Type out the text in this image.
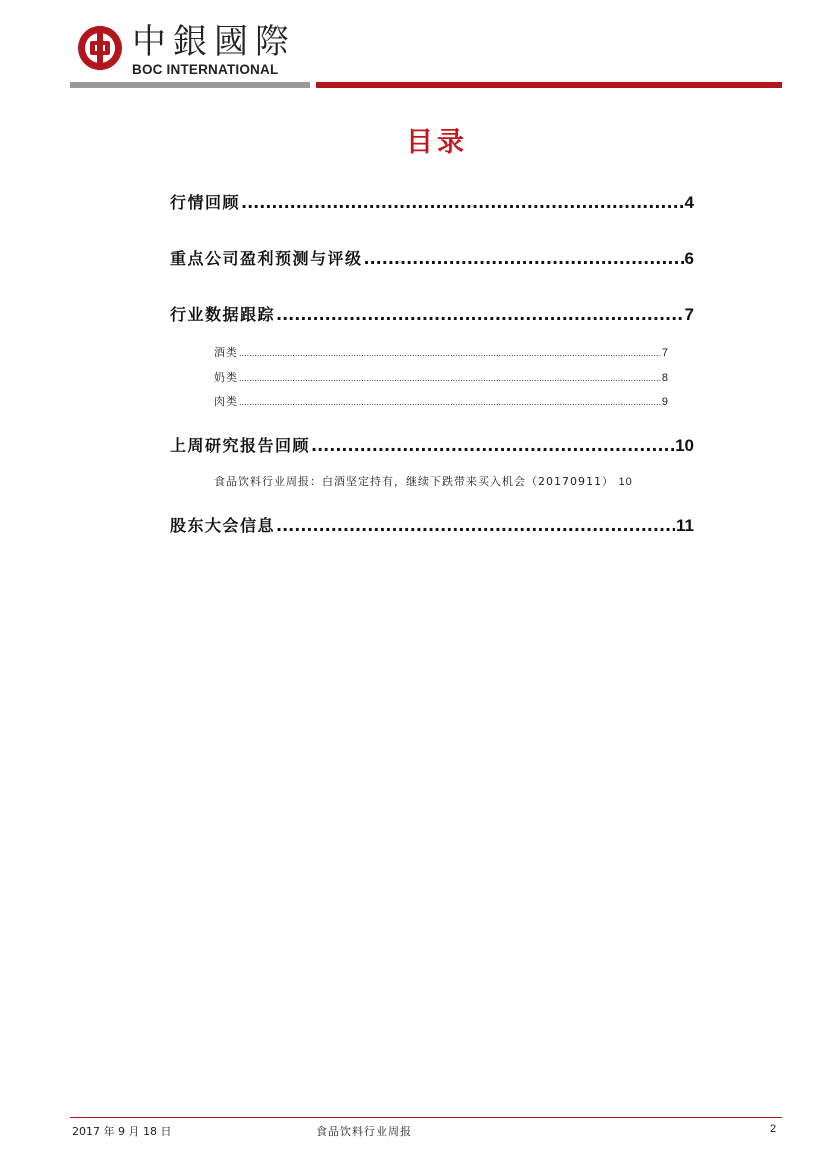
中銀國際
BOC INTERNATIONAL
目录
行情回顾 .....	4
重点公司盈利预测与评级 .....	6
行业数据跟踪 .....	7
酒类 .....	7
奶类 .....	8
肉类 .....	9
上周研究报告回顾 .....	10
食品饮料行业周报：白酒坚定持有，继续下跌带来买入机会（20170911） 10
股东大会信息 .....	11
2017 年 9 月 18 日	食品饮料行业周报	2
